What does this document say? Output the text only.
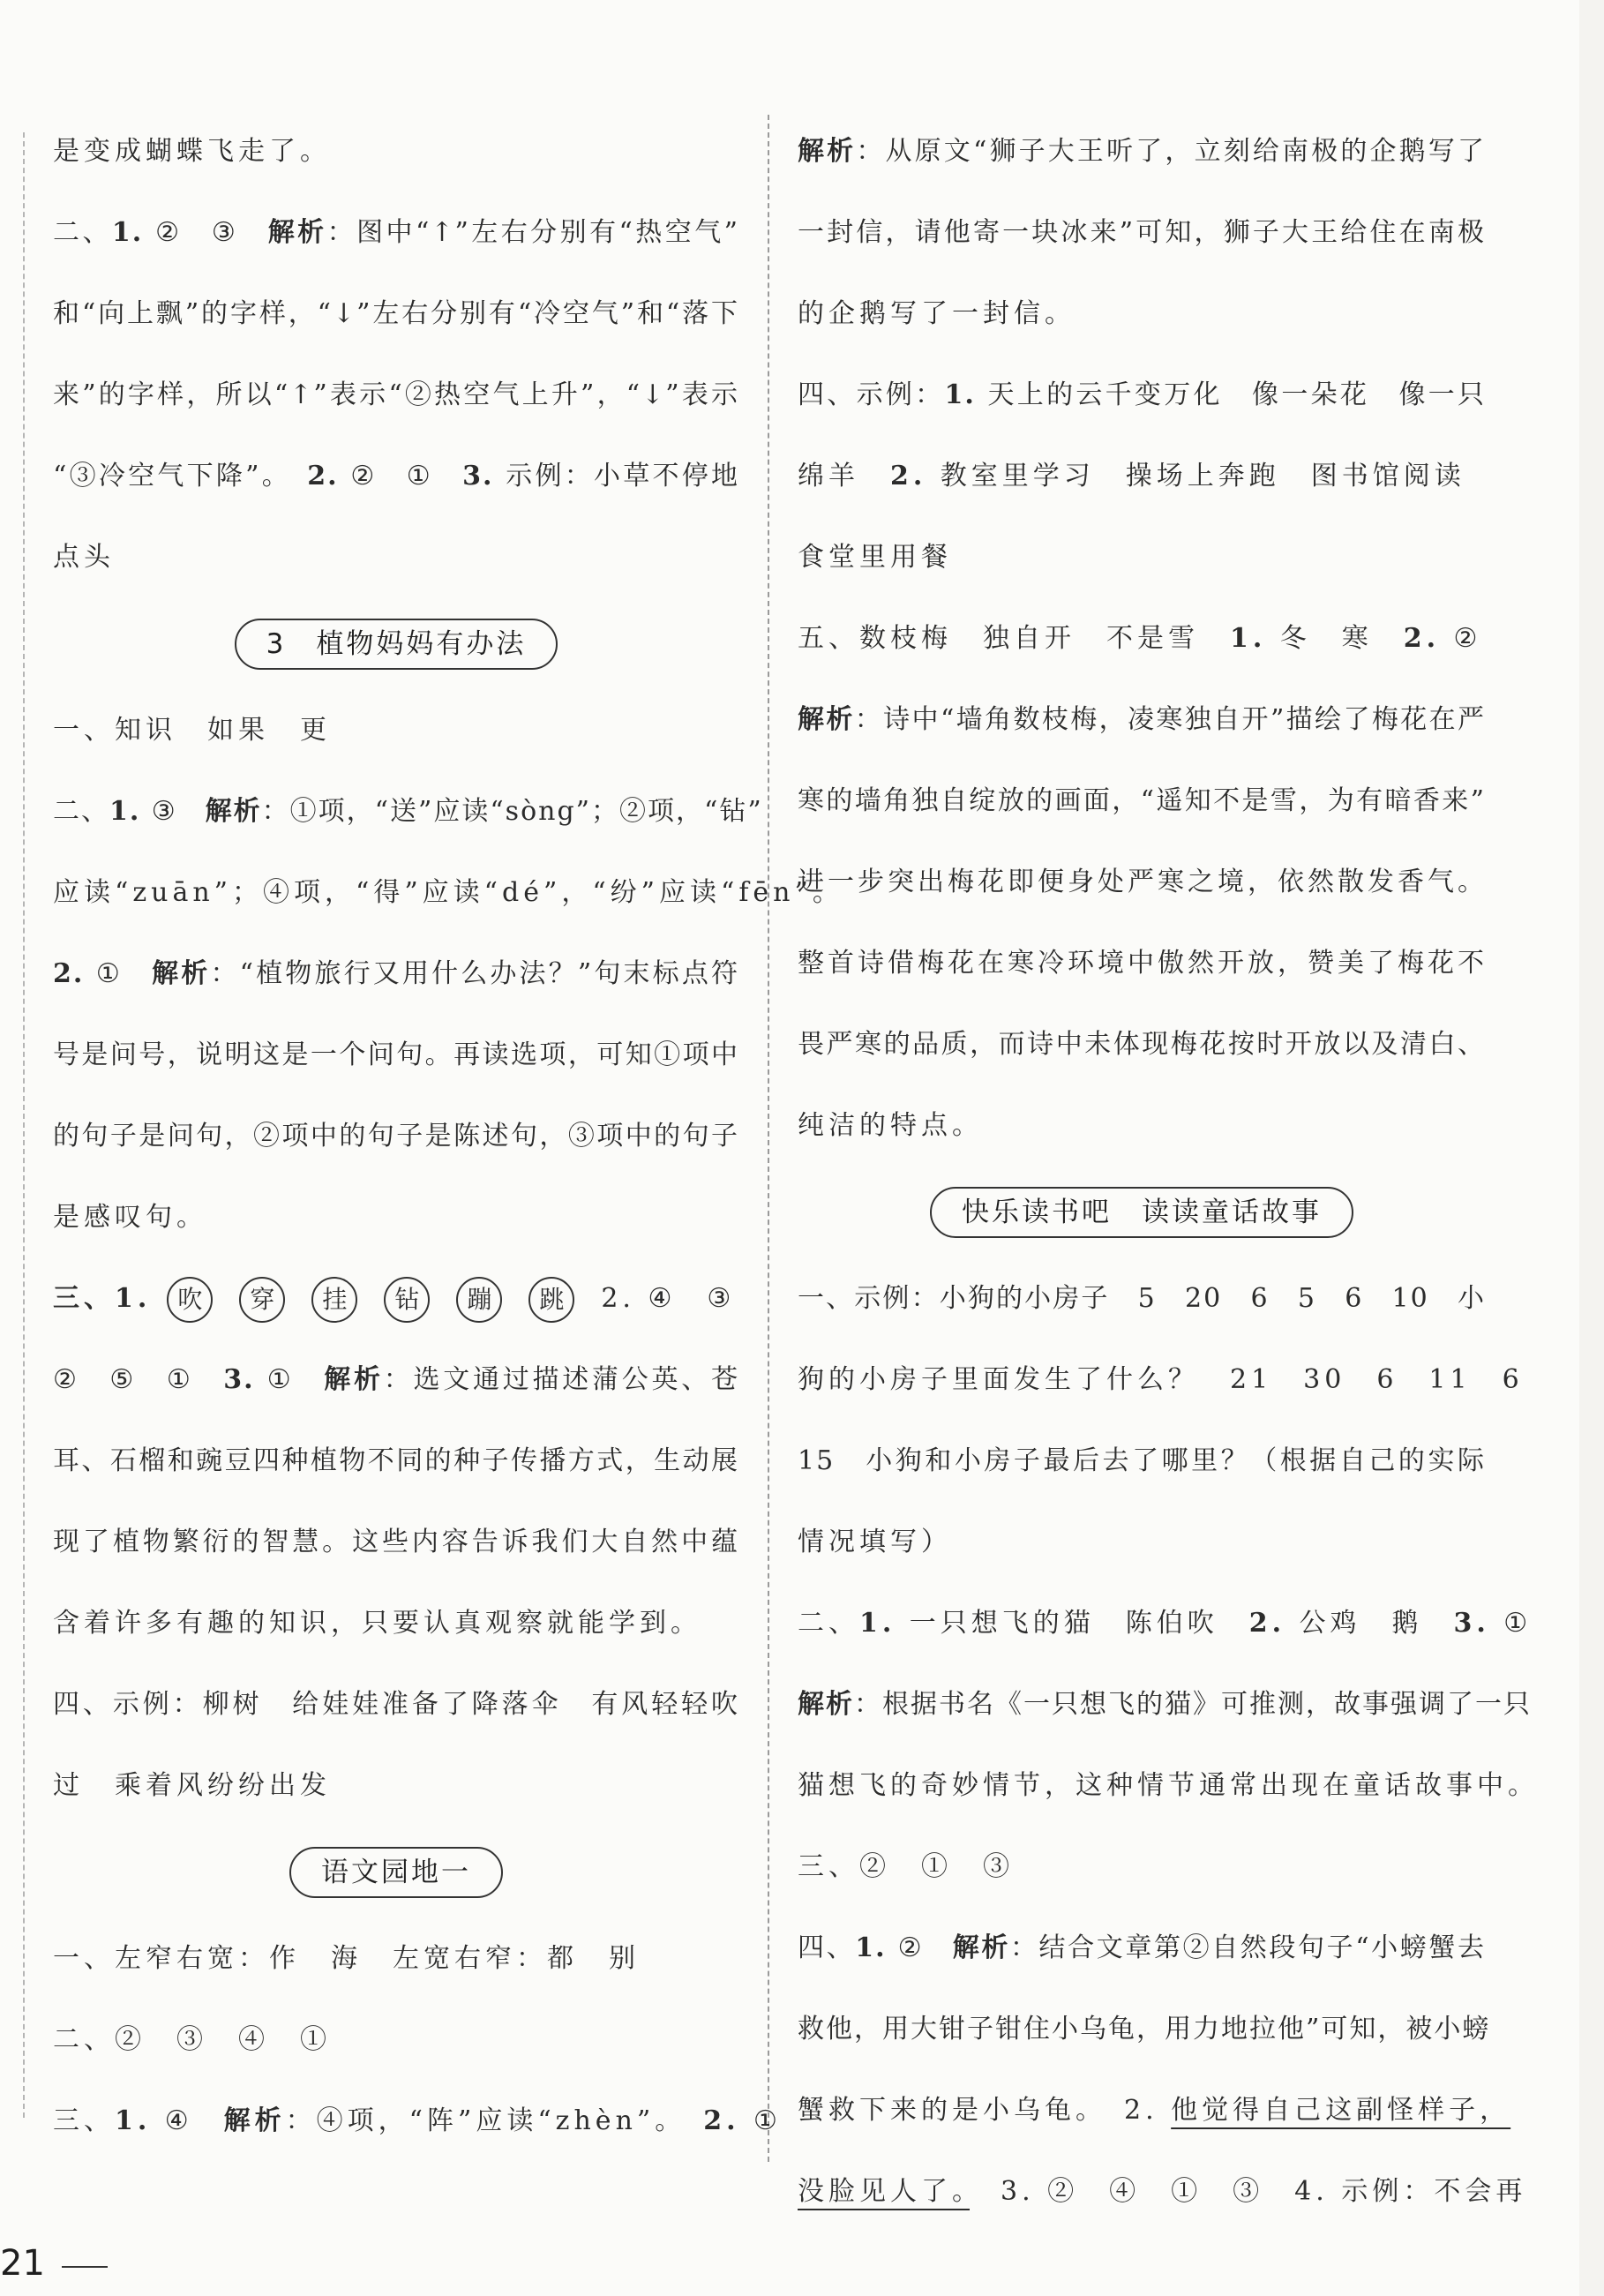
是变成蝴蝶飞走了。
二、1. ②　③　解析：图中“↑”左右分别有“热空气”
和“向上飘”的字样，“↓”左右分别有“冷空气”和“落下
来”的字样，所以“↑”表示“②热空气上升”，“↓”表示
“③冷空气下降”。　2. ②　①　3. 示例：小草不停地
点头
3　植物妈妈有办法
一、知识　如果　更
二、1. ③　解析：①项，“送”应读“sòng”；②项，“钻”
应读“zuān”；④项，“得”应读“dé”，“纷”应读“fēn”。
2. ①　解析：“植物旅行又用什么办法？”句末标点符
号是问号，说明这是一个问句。再读选项，可知①项中
的句子是问句，②项中的句子是陈述句，③项中的句子
是感叹句。
三、1. 吹 穿 挂 钻 蹦 跳 2. ④　③
②　⑤　①　3. ①　解析：选文通过描述蒲公英、苍
耳、石榴和豌豆四种植物不同的种子传播方式，生动展
现了植物繁衍的智慧。这些内容告诉我们大自然中蕴
含着许多有趣的知识，只要认真观察就能学到。
四、示例：柳树　给娃娃准备了降落伞　有风轻轻吹
过　乘着风纷纷出发
语文园地一
一、左窄右宽：作　海　左宽右窄：都　别
二、②　③　④　①
三、1. ④　解析：④项，“阵”应读“zhèn”。　2. ①
解析：从原文“狮子大王听了，立刻给南极的企鹅写了
一封信，请他寄一块冰来”可知，狮子大王给住在南极
的企鹅写了一封信。
四、示例：1. 天上的云千变万化　像一朵花　像一只
绵羊　2. 教室里学习　操场上奔跑　图书馆阅读
食堂里用餐
五、数枝梅　独自开　不是雪　1. 冬　寒　2. ②
解析：诗中“墙角数枝梅，凌寒独自开”描绘了梅花在严
寒的墙角独自绽放的画面，“遥知不是雪，为有暗香来”
进一步突出梅花即便身处严寒之境，依然散发香气。
整首诗借梅花在寒冷环境中傲然开放，赞美了梅花不
畏严寒的品质，而诗中未体现梅花按时开放以及清白、
纯洁的特点。
快乐读书吧　读读童话故事
一、示例：小狗的小房子　5　20　6　5　6　10　小
狗的小房子里面发生了什么？　21　30　6　11　6
15　小狗和小房子最后去了哪里？（根据自己的实际
情况填写）
二、1. 一只想飞的猫　陈伯吹　2. 公鸡　鹅　3. ①
解析：根据书名《一只想飞的猫》可推测，故事强调了一只
猫想飞的奇妙情节，这种情节通常出现在童话故事中。
三、②　①　③
四、1. ②　解析：结合文章第②自然段句子“小螃蟹去
救他，用大钳子钳住小乌龟，用力地拉他”可知，被小螃
蟹救下来的是小乌龟。　2. 他觉得自己这副怪样子，
没脸见人了。　3. ②　④　①　③　4. 示例：不会再
21
